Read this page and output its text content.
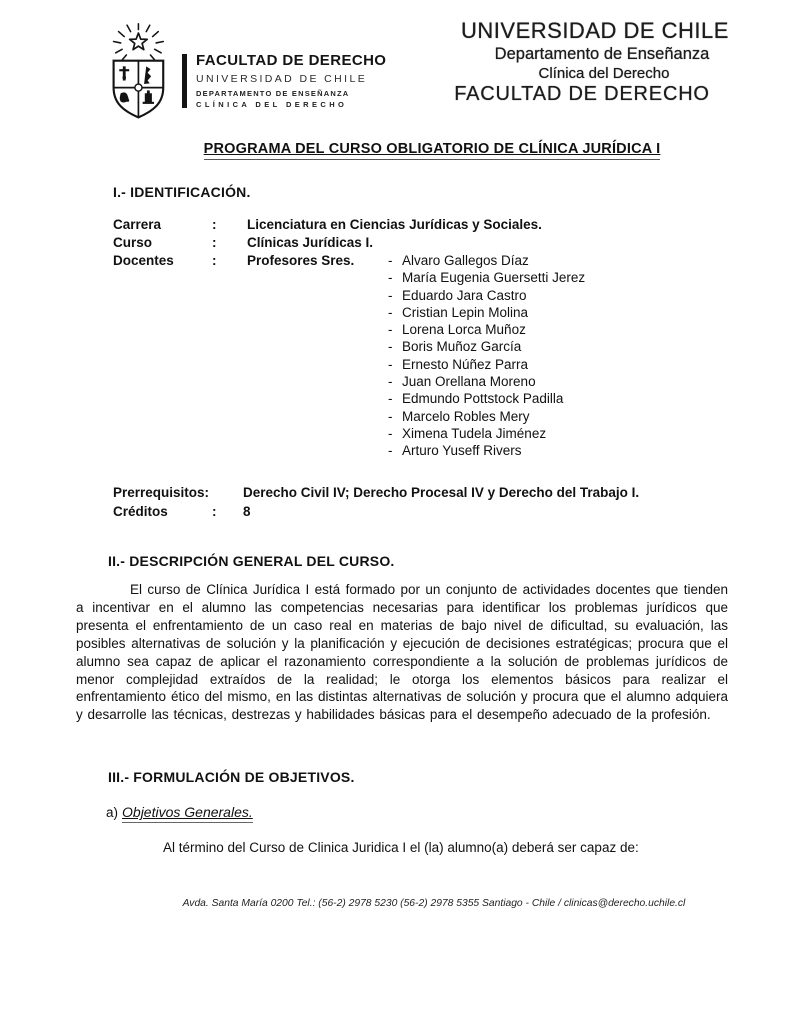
FACULTAD DE DERECHO
UNIVERSIDAD DE CHILE
DEPARTAMENTO DE ENSEÑANZA
CLÍNICA DEL DERECHO
UNIVERSIDAD DE CHILE
Departamento de Enseñanza
Clínica del Derecho
FACULTAD DE DERECHO
PROGRAMA DEL CURSO OBLIGATORIO DE CLÍNICA JURÍDICA I
I.- IDENTIFICACIÓN.
Carrera	:	Licenciatura en Ciencias Jurídicas y Sociales.
Curso	:	Clínicas Jurídicas I.
Docentes	:	Profesores Sres.	- Alvaro Gallegos Díaz
- María Eugenia Guersetti Jerez
- Eduardo Jara Castro
- Cristian Lepin Molina
- Lorena Lorca Muñoz
- Boris Muñoz García
- Ernesto Núñez Parra
- Juan Orellana Moreno
- Edmundo Pottstock Padilla
- Marcelo Robles Mery
- Ximena Tudela Jiménez
- Arturo Yuseff Rivers
Prerrequisitos:	Derecho Civil IV; Derecho Procesal IV y Derecho del Trabajo I.
Créditos	:	8
II.- DESCRIPCIÓN GENERAL DEL CURSO.
El curso de Clínica Jurídica I está formado por un conjunto de actividades docentes que tienden a incentivar en el alumno las competencias necesarias para identificar los problemas jurídicos que presenta el enfrentamiento de un caso real en materias de bajo nivel de dificultad, su evaluación, las posibles alternativas de solución y la planificación y ejecución de decisiones estratégicas; procura que el alumno sea capaz de aplicar el razonamiento correspondiente a la solución de problemas jurídicos de menor complejidad extraídos de la realidad; le otorga los elementos básicos para realizar el enfrentamiento ético del mismo, en las distintas alternativas de solución y procura que el alumno adquiera y desarrolle las técnicas, destrezas y habilidades básicas para el desempeño adecuado de la profesión.
III.- FORMULACIÓN DE OBJETIVOS.
a) Objetivos Generales.
Al término del Curso de Clinica Juridica I el (la) alumno(a) deberá ser capaz de:
Avda. Santa María 0200 Tel.: (56-2) 2978 5230 (56-2) 2978 5355 Santiago - Chile / clinicas@derecho.uchile.cl
